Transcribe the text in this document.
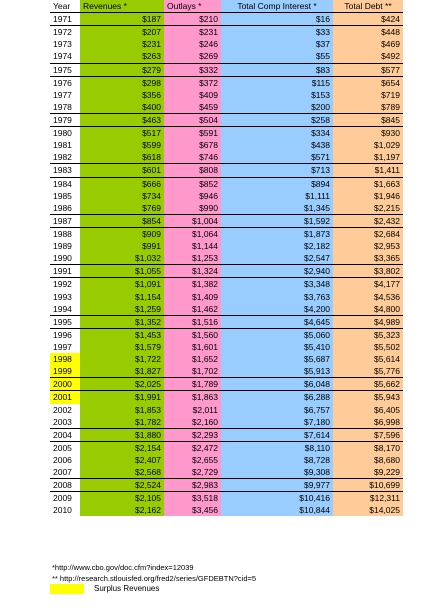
Year	Revenues *	Outlays *	Total Comp Interest *	Total Debt **
1971	$187	$210	$16	$424
1972	$207	$231	$33	$448
1973	$231	$246	$37	$469
1974	$263	$269	$55	$492
1975	$279	$332	$83	$577
1976	$298	$372	$115	$654
1977	$356	$409	$153	$719
1978	$400	$459	$200	$789
1979	$463	$504	$258	$845
1980	$517	$591	$334	$930
1981	$599	$678	$438	$1,029
1982	$618	$746	$571	$1,197
1983	$601	$808	$713	$1,411
1984	$666	$852	$894	$1,663
1985	$734	$946	$1,111	$1,946
1986	$769	$990	$1,345	$2,215
1987	$854	$1,004	$1,592	$2,432
1988	$909	$1,064	$1,873	$2,684
1989	$991	$1,144	$2,182	$2,953
1990	$1,032	$1,253	$2,547	$3,365
1991	$1,055	$1,324	$2,940	$3,802
1992	$1,091	$1,382	$3,348	$4,177
1993	$1,154	$1,409	$3,763	$4,536
1994	$1,259	$1,462	$4,200	$4,800
1995	$1,352	$1,516	$4,645	$4,989
1996	$1,453	$1,560	$5,060	$5,323
1997	$1,579	$1,601	$5,410	$5,502
1998	$1,722	$1,652	$5,687	$5,614
1999	$1,827	$1,702	$5,913	$5,776
2000	$2,025	$1,789	$6,048	$5,662
2001	$1,991	$1,863	$6,288	$5,943
2002	$1,853	$2,011	$6,757	$6,405
2003	$1,782	$2,160	$7,180	$6,998
2004	$1,880	$2,293	$7,614	$7,596
2005	$2,154	$2,472	$8,110	$8,170
2006	$2,407	$2,655	$8,728	$8,680
2007	$2,568	$2,729	$9,308	$9,229
2008	$2,524	$2,983	$9,977	$10,699
2009	$2,105	$3,518	$10,416	$12,311
2010	$2,162	$3,456	$10,844	$14,025
*http://www.cbo.gov/doc.cfm?index=12039
** http://research.stlouisfed.org/fred2/series/GFDEBTN?cid=5
Surplus Revenues
